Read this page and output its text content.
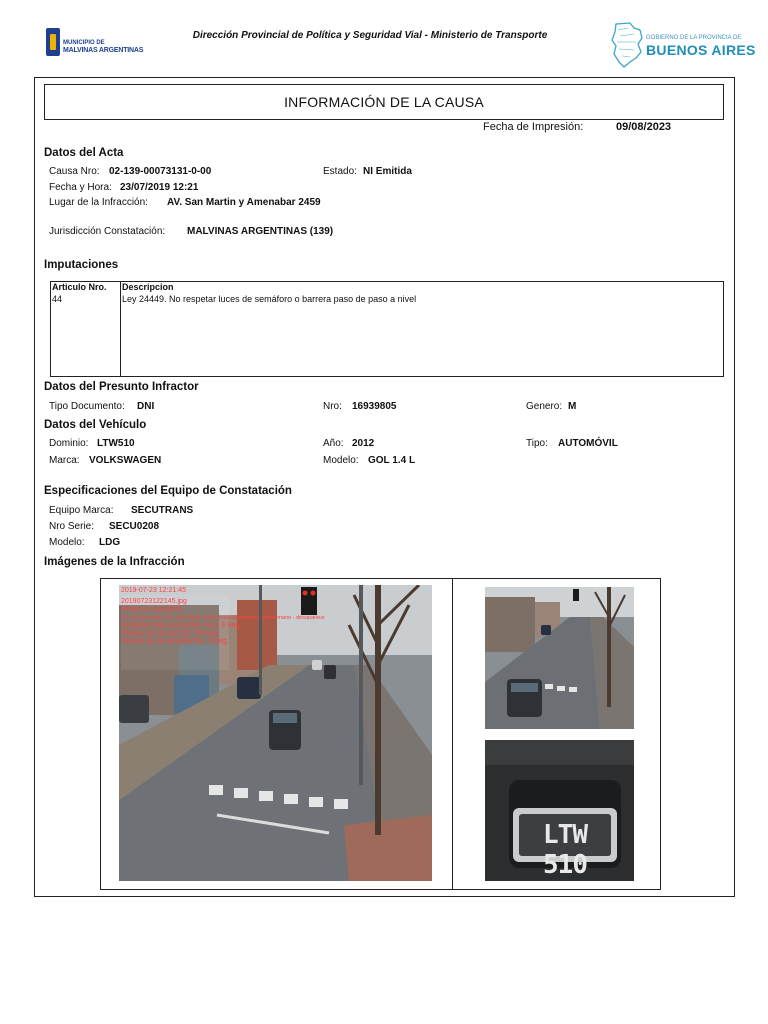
MUNICIPIO DE
MALVINAS ARGENTINAS
Dirección Provincial de Política y Seguridad Vial - Ministerio de Transporte	GOBIERNO DE LA PROVINCIA DE
BUENOS AIRES
INFORMACIÓN DE LA CAUSA
Fecha de Impresión:	09/08/2023
Datos del Acta
Causa Nro: 02-139-00073131-0-00	Estado: NI Emitida
Fecha y Hora: 23/07/2019 12:21
Lugar de la Infracción: AV. San Martin y Amenabar 2459
Jurisdicción Constatación: MALVINAS ARGENTINAS (139)
Imputaciones
Articulo Nro. Descripcion
44	Ley 24449. No respetar luces de semáforo o barrera paso de paso a nivel
Datos del Presunto Infractor
Tipo Documento: DNI	Nro: 16939805	Genero: M
Datos del Vehículo
Dominio: LTW510	Año: 2012	Tipo: AUTOMÓVIL
Marca: VOLKSWAGEN	Modelo: GOL 1.4 L
Especificaciones del Equipo de Constatación
Equipo Marca: SECUTRANS
Nro Serie: SECU0208
Modelo: LDG
Imágenes de la Infracción
2019-07-23 12:21:45
20190723122145.jpg
Infraccion semaforo
Av. del Libertador Grl. San Martin 2459 cruce Amenabar - doble mano - desaparece
Semaforo Rojo encendido hace 3 Seg.
Tiempo de luz roja Tot.: 46 Seg.
Tiempo de luz amarilla Tot.: 3 Seg.
LTW 510
